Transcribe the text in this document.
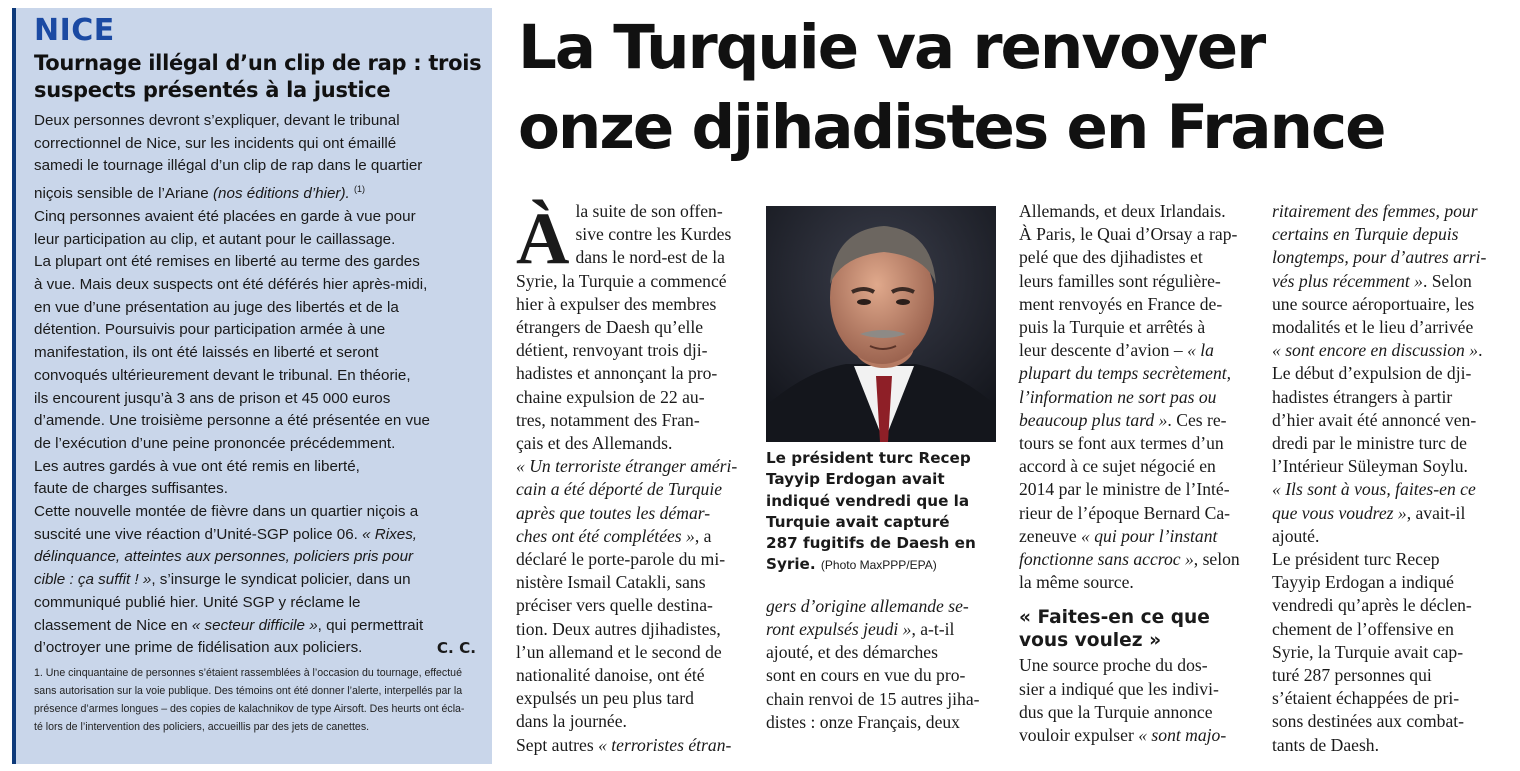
NICE
Tournage illégal d’un clip de rap : trois suspects présentés à la justice
Deux personnes devront s’expliquer, devant le tribunal
correctionnel de Nice, sur les incidents qui ont émaillé
samedi le tournage illégal d’un clip de rap dans le quartier
niçois sensible de l’Ariane (nos éditions d’hier). $^{(1)}$
Cinq personnes avaient été placées en garde à vue pour
leur participation au clip, et autant pour le caillassage.
La plupart ont été remises en liberté au terme des gardes
à vue. Mais deux suspects ont été déférés hier après-midi,
en vue d’une présentation au juge des libertés et de la
détention. Poursuivis pour participation armée à une
manifestation, ils ont été laissés en liberté et seront
convoqués ultérieurement devant le tribunal. En théorie,
ils encourent jusqu’à 3 ans de prison et 45 000 euros
d’amende. Une troisième personne a été présentée en vue
de l’exécution d’une peine prononcée précédemment.
Les autres gardés à vue ont été remis en liberté,
faute de charges suffisantes.
Cette nouvelle montée de fièvre dans un quartier niçois a
suscité une vive réaction d’Unité-SGP police 06. « Rixes,
délinquance, atteintes aux personnes, policiers pris pour
cible : ça suffit ! », s’insurge le syndicat policier, dans un
communiqué publié hier. Unité SGP y réclame le
classement de Nice en « secteur difficile », qui permettrait
d’octroyer une prime de fidélisation aux policiers.	C. C.
1. Une cinquantaine de personnes s’étaient rassemblées à l’occasion du tournage, effectué
sans autorisation sur la voie publique. Des témoins ont été donner l’alerte, interpellés par la
présence d’armes longues – des copies de kalachnikov de type Airsoft. Des heurts ont écla-
té lors de l’intervention des policiers, accueillis par des jets de canettes.
La Turquie va renvoyer
onze djihadistes en France
À la suite de son offen-
sive contre les Kurdes
dans le nord-est de la
Syrie, la Turquie a commencé
hier à expulser des membres
étrangers de Daesh qu’elle
détient, renvoyant trois dji-
hadistes et annonçant la pro-
chaine expulsion de 22 au-
tres, notamment des Fran-
çais et des Allemands.
« Un terroriste étranger améri-
cain a été déporté de Turquie
après que toutes les démar-
ches ont été complétées », a
déclaré le porte-parole du mi-
nistère Ismail Catakli, sans
préciser vers quelle destina-
tion. Deux autres djihadistes,
l’un allemand et le second de
nationalité danoise, ont été
expulsés un peu plus tard
dans la journée.
Sept autres « terroristes étran-
Le président turc Recep
Tayyip Erdogan avait
indiqué vendredi que la
Turquie avait capturé
287 fugitifs de Daesh en
Syrie. (Photo MaxPPP/EPA)
gers d’origine allemande se-
ront expulsés jeudi », a-t-il
ajouté, et des démarches
sont en cours en vue du pro-
chain renvoi de 15 autres jiha-
distes : onze Français, deux
Allemands, et deux Irlandais.
À Paris, le Quai d’Orsay a rap-
pelé que des djihadistes et
leurs familles sont régulière-
ment renvoyés en France de-
puis la Turquie et arrêtés à
leur descente d’avion – « la
plupart du temps secrètement,
l’information ne sort pas ou
beaucoup plus tard ». Ces re-
tours se font aux termes d’un
accord à ce sujet négocié en
2014 par le ministre de l’Inté-
rieur de l’époque Bernard Ca-
zeneuve « qui pour l’instant
fonctionne sans accroc », selon
la même source.
« Faites-en ce que
vous voulez »
Une source proche du dos-
sier a indiqué que les indivi-
dus que la Turquie annonce
vouloir expulser « sont majo-
ritairement des femmes, pour
certains en Turquie depuis
longtemps, pour d’autres arri-
vés plus récemment ». Selon
une source aéroportuaire, les
modalités et le lieu d’arrivée
« sont encore en discussion ».
Le début d’expulsion de dji-
hadistes étrangers à partir
d’hier avait été annoncé ven-
dredi par le ministre turc de
l’Intérieur Süleyman Soylu.
« Ils sont à vous, faites-en ce
que vous voudrez », avait-il
ajouté.
Le président turc Recep
Tayyip Erdogan a indiqué
vendredi qu’après le déclen-
chement de l’offensive en
Syrie, la Turquie avait cap-
turé 287 personnes qui
s’étaient échappées de pri-
sons destinées aux combat-
tants de Daesh.
